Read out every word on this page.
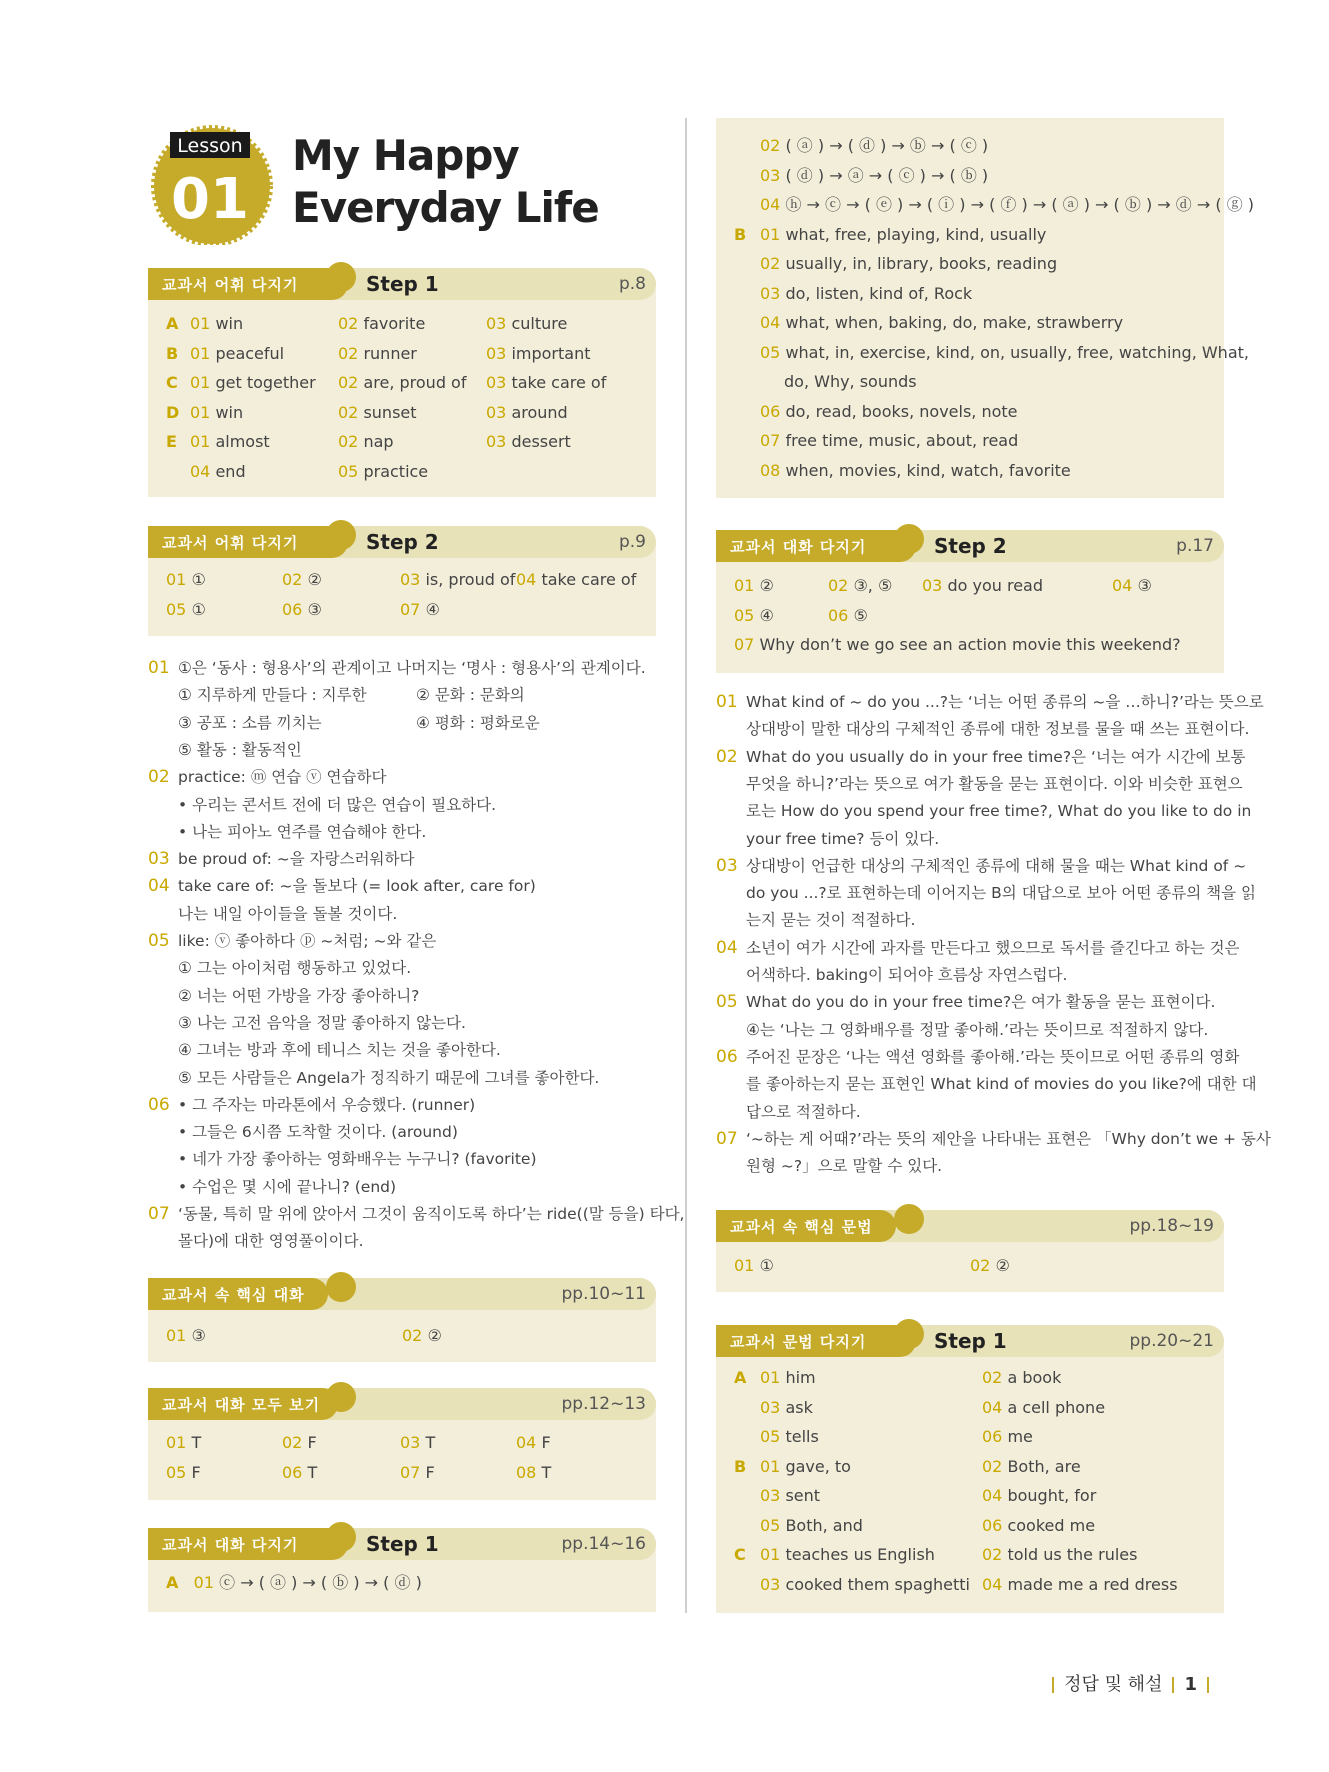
Lesson
01
My Happy
Everyday Life
교과서 어휘 다지기	Step 1	p.8
교과서 어휘 다지기	Step 2	p.9
교과서 속 핵심 대화	pp.10~11
01 ③	02 ②
교과서 대화 모두 보기	pp.12~13
교과서 대화 다지기	Step 1	pp.14~16
A 01 ⓒ → ( ⓐ ) → ( ⓑ ) → ( ⓓ )
교과서 대화 다지기	Step 2	p.17
교과서 속 핵심 문법	pp.18~19
01 ①	02 ②
교과서 문법 다지기	Step 1	pp.20~21
정답 및 해설 1
A 01 win	02 favorite	03 culture
B 01 peaceful	02 runner	03 important
C 01 get together 02 are, proud of 03 take care of
D 01 win	02 sunset	03 around
E 01 almost	02 nap	03 dessert
04 end	05 practice
01 ①	02 ②	03 is, proud of 04 take care of
05 ①	06 ③	07 ④
01 ①은 ‘동사 : 형용사’의 관계이고 나머지는 ‘명사 : 형용사’의 관계이다.
① 지루하게 만들다 : 지루한	② 문화 : 문화의
③ 공포 : 소름 끼치는	④ 평화 : 평화로운
⑤ 활동 : 활동적인
02 practice: ⓜ 연습 ⓥ 연습하다
• 우리는 콘서트 전에 더 많은 연습이 필요하다.
• 나는 피아노 연주를 연습해야 한다.
03 be proud of: ~을 자랑스러워하다
04 take care of: ~을 돌보다 (= look after, care for)
나는 내일 아이들을 돌볼 것이다.
05 like: ⓥ 좋아하다 ⓟ ~처럼; ~와 같은
① 그는 아이처럼 행동하고 있었다.
② 너는 어떤 가방을 가장 좋아하니?
③ 나는 고전 음악을 정말 좋아하지 않는다.
④ 그녀는 방과 후에 테니스 치는 것을 좋아한다.
⑤ 모든 사람들은 Angela가 정직하기 때문에 그녀를 좋아한다.
06 • 그 주자는 마라톤에서 우승했다. (runner)
• 그들은 6시쯤 도착할 것이다. (around)
• 네가 가장 좋아하는 영화배우는 누구니? (favorite)
• 수업은 몇 시에 끝나니? (end)
07 ‘동물, 특히 말 위에 앉아서 그것이 움직이도록 하다’는 ride((말 등을) 타다,
몰다)에 대한 영영풀이이다.
01 T	02 F	03 T	04 F
05 F	06 T	07 F	08 T
02 ( ⓐ ) → ( ⓓ ) → ⓑ → ( ⓒ )
03 ( ⓓ ) → ⓐ → ( ⓒ ) → ( ⓑ )
04 ⓗ → ⓒ → ( ⓔ ) → ( ⓘ ) → ( ⓕ ) → ( ⓐ ) → ( ⓑ ) → ⓓ → ( ⓖ )
B 01 what, free, playing, kind, usually
02 usually, in, library, books, reading
03 do, listen, kind of, Rock
04 what, when, baking, do, make, strawberry
05 what, in, exercise, kind, on, usually, free, watching, What,
do, Why, sounds
06 do, read, books, novels, note
07 free time, music, about, read
08 when, movies, kind, watch, favorite
01 ②	02 ③, ⑤ 03 do you read	04 ③
05 ④	06 ⑤
07 Why don’t we go see an action movie this weekend?
01 What kind of ~ do you ...?는 ‘너는 어떤 종류의 ~을 …하니?’라는 뜻으로
상대방이 말한 대상의 구체적인 종류에 대한 정보를 물을 때 쓰는 표현이다.
02 What do you usually do in your free time?은 ‘너는 여가 시간에 보통
무엇을 하니?’라는 뜻으로 여가 활동을 묻는 표현이다. 이와 비슷한 표현으
로는 How do you spend your free time?, What do you like to do in
your free time? 등이 있다.
03 상대방이 언급한 대상의 구체적인 종류에 대해 물을 때는 What kind of ~
do you ...?로 표현하는데 이어지는 B의 대답으로 보아 어떤 종류의 책을 읽
는지 묻는 것이 적절하다.
04 소년이 여가 시간에 과자를 만든다고 했으므로 독서를 즐긴다고 하는 것은
어색하다. baking이 되어야 흐름상 자연스럽다.
05 What do you do in your free time?은 여가 활동을 묻는 표현이다.
④는 ‘나는 그 영화배우를 정말 좋아해.’라는 뜻이므로 적절하지 않다.
06 주어진 문장은 ‘나는 액션 영화를 좋아해.’라는 뜻이므로 어떤 종류의 영화
를 좋아하는지 묻는 표현인 What kind of movies do you like?에 대한 대
답으로 적절하다.
07 ‘~하는 게 어때?’라는 뜻의 제안을 나타내는 표현은 「Why don’t we + 동사
원형 ~?」으로 말할 수 있다.
A 01 him	02 a book
03 ask	04 a cell phone
05 tells	06 me
B 01 gave, to	02 Both, are
03 sent	04 bought, for
05 Both, and	06 cooked me
C 01 teaches us English	02 told us the rules
03 cooked them spaghetti 04 made me a red dress
